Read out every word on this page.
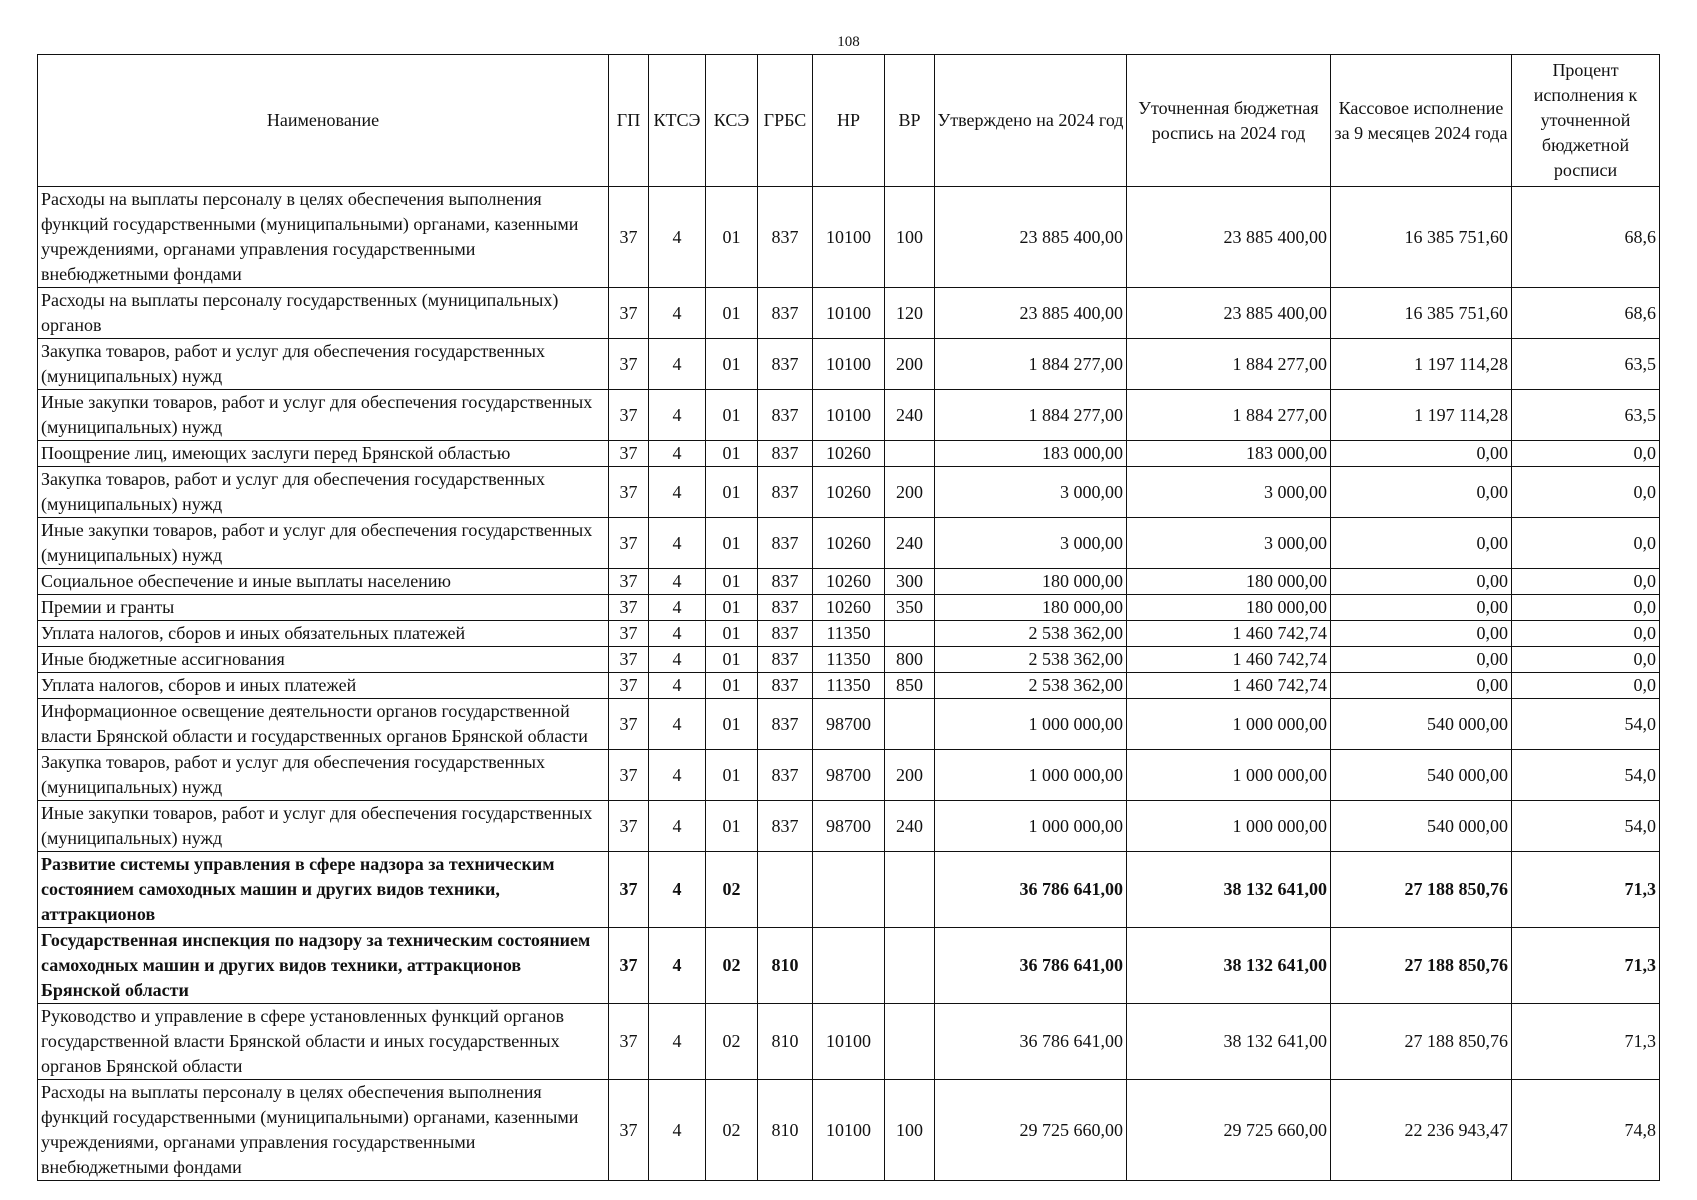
108
Наименование	ГП	КТСЭ	КСЭ	ГРБС	НР	ВР	Утверждено на 2024 год	Уточненная бюджетная роспись на 2024 год	Кассовое исполнение за 9 месяцев 2024 года	Процент исполнения к уточненной бюджетной росписи
Расходы на выплаты персоналу в целях обеспечения выполнения функций государственными (муниципальными) органами, казенными учреждениями, органами управления государственными внебюджетными фондами	37	4	01	837	10100	100	23 885 400,00	23 885 400,00	16 385 751,60	68,6
Расходы на выплаты персоналу государственных (муниципальных) органов	37	4	01	837	10100	120	23 885 400,00	23 885 400,00	16 385 751,60	68,6
Закупка товаров, работ и услуг для обеспечения государственных (муниципальных) нужд	37	4	01	837	10100	200	1 884 277,00	1 884 277,00	1 197 114,28	63,5
Иные закупки товаров, работ и услуг для обеспечения государственных (муниципальных) нужд	37	4	01	837	10100	240	1 884 277,00	1 884 277,00	1 197 114,28	63,5
Поощрение лиц, имеющих заслуги перед Брянской областью	37	4	01	837	10260		183 000,00	183 000,00	0,00	0,0
Закупка товаров, работ и услуг для обеспечения государственных (муниципальных) нужд	37	4	01	837	10260	200	3 000,00	3 000,00	0,00	0,0
Иные закупки товаров, работ и услуг для обеспечения государственных (муниципальных) нужд	37	4	01	837	10260	240	3 000,00	3 000,00	0,00	0,0
Социальное обеспечение и иные выплаты населению	37	4	01	837	10260	300	180 000,00	180 000,00	0,00	0,0
Премии и гранты	37	4	01	837	10260	350	180 000,00	180 000,00	0,00	0,0
Уплата налогов, сборов и иных обязательных платежей	37	4	01	837	11350		2 538 362,00	1 460 742,74	0,00	0,0
Иные бюджетные ассигнования	37	4	01	837	11350	800	2 538 362,00	1 460 742,74	0,00	0,0
Уплата налогов, сборов и иных платежей	37	4	01	837	11350	850	2 538 362,00	1 460 742,74	0,00	0,0
Информационное освещение деятельности органов государственной власти Брянской области и государственных органов Брянской области	37	4	01	837	98700		1 000 000,00	1 000 000,00	540 000,00	54,0
Закупка товаров, работ и услуг для обеспечения государственных (муниципальных) нужд	37	4	01	837	98700	200	1 000 000,00	1 000 000,00	540 000,00	54,0
Иные закупки товаров, работ и услуг для обеспечения государственных (муниципальных) нужд	37	4	01	837	98700	240	1 000 000,00	1 000 000,00	540 000,00	54,0
Развитие системы управления в сфере надзора за техническим состоянием самоходных машин и других видов техники, аттракционов	37	4	02				36 786 641,00	38 132 641,00	27 188 850,76	71,3
Государственная инспекция по надзору за техническим состоянием самоходных машин и других видов техники, аттракционов Брянской области	37	4	02	810			36 786 641,00	38 132 641,00	27 188 850,76	71,3
Руководство и управление в сфере установленных функций органов государственной власти Брянской области и иных государственных органов Брянской области	37	4	02	810	10100		36 786 641,00	38 132 641,00	27 188 850,76	71,3
Расходы на выплаты персоналу в целях обеспечения выполнения функций государственными (муниципальными) органами, казенными учреждениями, органами управления государственными внебюджетными фондами	37	4	02	810	10100	100	29 725 660,00	29 725 660,00	22 236 943,47	74,8
